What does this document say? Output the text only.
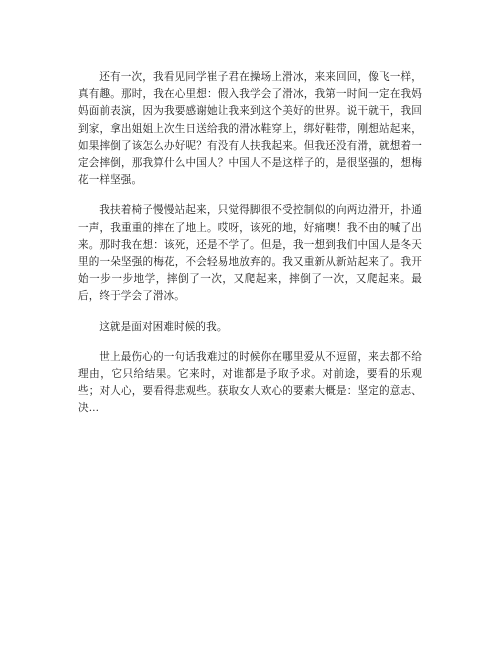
还有一次，我看见同学崔子君在操场上滑冰，来来回回，像飞一样，真有趣。那时，我在心里想：假入我学会了滑冰，我第一时间一定在我妈妈面前表演，因为我要感谢她让我来到这个美好的世界。说干就干，我回到家，拿出姐姐上次生日送给我的滑冰鞋穿上，绑好鞋带，刚想站起来，如果摔倒了该怎么办好呢？有没有人扶我起来。但我还没有滑，就想着一定会摔倒，那我算什么中国人？中国人不是这样子的，是很坚强的，想梅花一样坚强。

我扶着椅子慢慢站起来，只觉得脚很不受控制似的向两边滑开，扑通一声，我重重的摔在了地上。哎呀，该死的地，好痛噢！我不由的喊了出来。那时我在想：该死，还是不学了。但是，我一想到我们中国人是冬天里的一朵坚强的梅花，不会轻易地放弃的。我又重新从新站起来了。我开始一步一步地学，摔倒了一次，又爬起来，摔倒了一次，又爬起来。最后，终于学会了滑冰。

这就是面对困难时候的我。

世上最伤心的一句话我难过的时候你在哪里爱从不逗留，来去都不给理由，它只给结果。它来时，对谁都是予取予求。对前途，要看的乐观些；对人心，要看得悲观些。获取女人欢心的要素大概是：坚定的意志、决...
